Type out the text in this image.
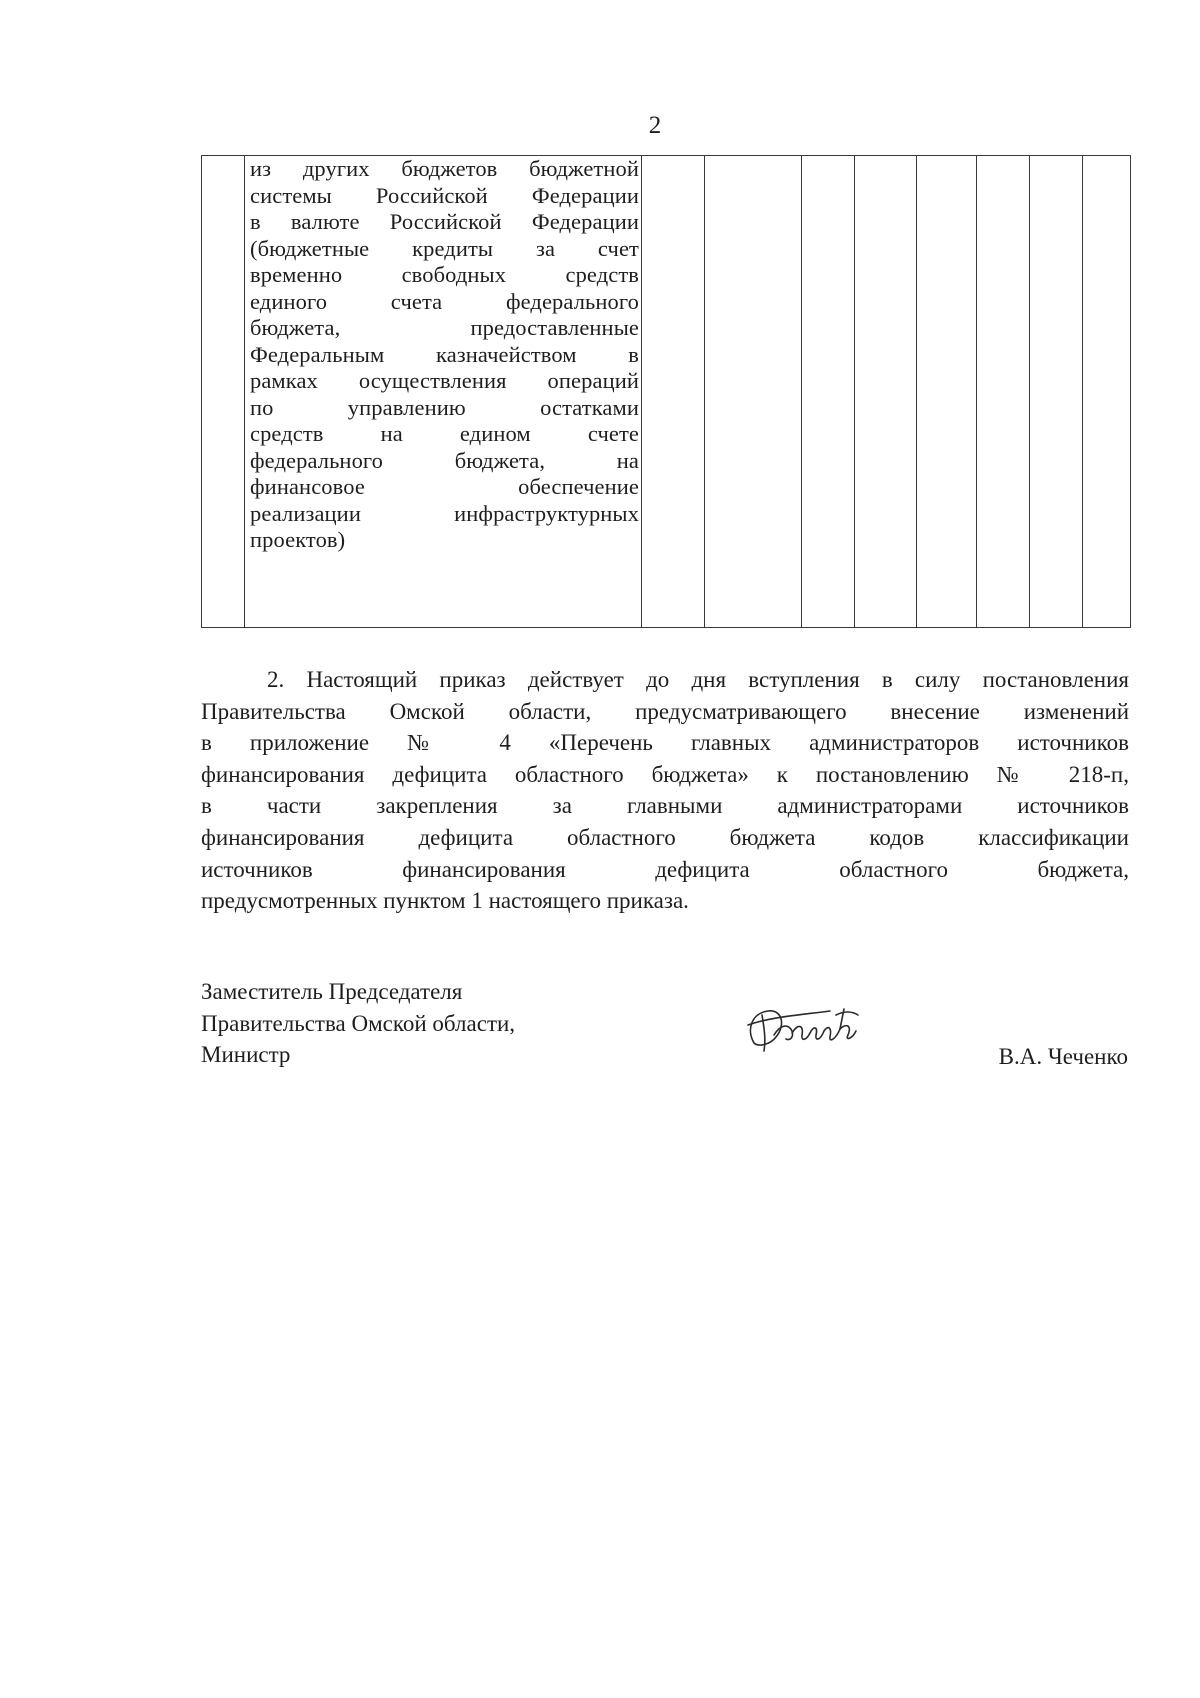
2

из других бюджетов бюджетной
системы Российской Федерации
в валюте Российской Федерации
(бюджетные кредиты за счет
временно свободных средств
единого счета федерального
бюджета, предоставленные
Федеральным казначейством в
рамках осуществления операций
по управлению остатками
средств на едином счете
федерального бюджета, на
финансовое обеспечение
реализации инфраструктурных
проектов)

2. Настоящий приказ действует до дня вступления в силу постановления
Правительства Омской области, предусматривающего внесение изменений
в приложение № 4 «Перечень главных администраторов источников
финансирования дефицита областного бюджета» к постановлению № 218-п,
в части закрепления за главными администраторами источников
финансирования дефицита областного бюджета кодов классификации
источников финансирования дефицита областного бюджета,
предусмотренных пунктом 1 настоящего приказа.
Заместитель Председателя
Правительства Омской области,
Министр	В.А. Чеченко
